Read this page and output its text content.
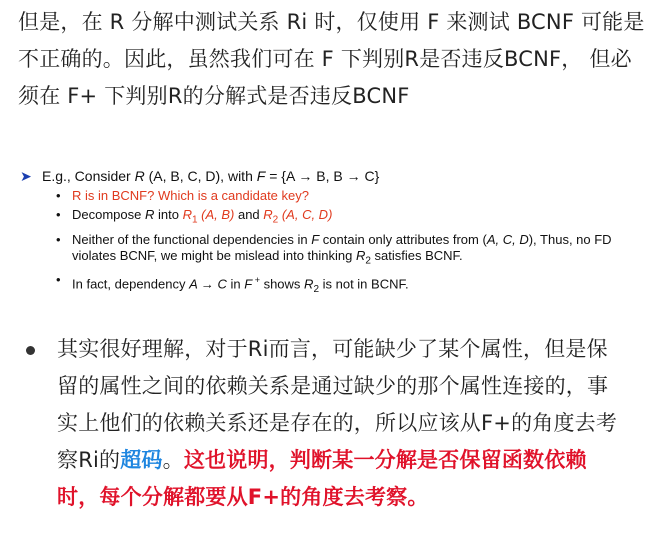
但是，在 R 分解中测试关系 Ri 时，仅使用 F 来测试 BCNF 可能是不正确的。因此，虽然我们可在 F 下判别R是否违反BCNF， 但必须在 F+ 下判别R的分解式是否违反BCNF
➤ E.g., Consider R (A, B, C, D), with F = {A → B, B → C}
• R is in BCNF? Which is a candidate key?
• Decompose R into $R_1$ (A, B) and $R_2$ (A, C, D)
• Neither of the functional dependencies in F contain only attributes from (A, C, D), Thus, no FD violates BCNF, we might be mislead into thinking $R_2$ satisfies BCNF.
• In fact, dependency A → C in F + shows $R_2$ is not in BCNF.
其实很好理解，对于Ri而言，可能缺少了某个属性，但是保留的属性之间的依赖关系是通过缺少的那个属性连接的，事实上他们的依赖关系还是存在的，所以应该从F+的角度去考察Ri的超码。这也说明，判断某一分解是否保留函数依赖时，每个分解都要从F+的角度去考察。
